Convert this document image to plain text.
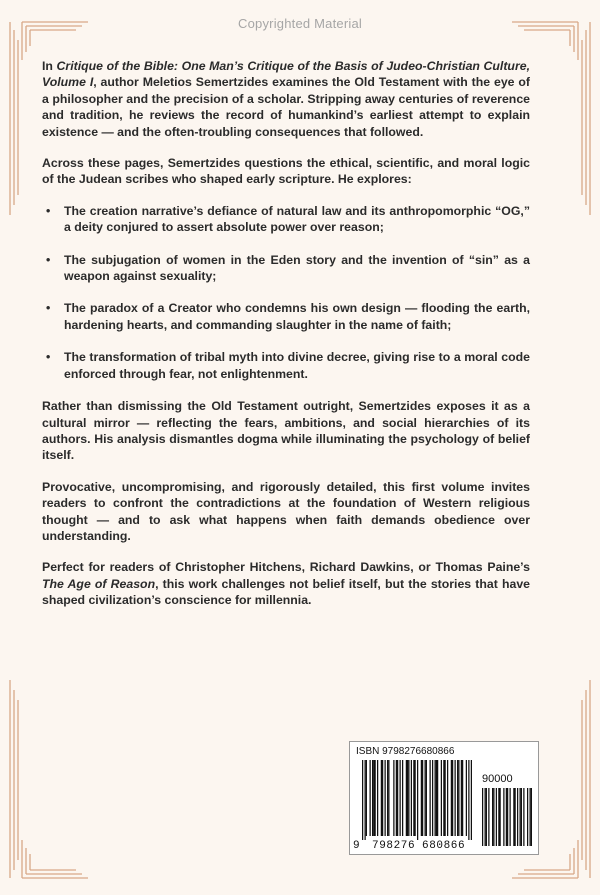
Copyrighted Material

In Critique of the Bible: One Man’s Critique of the Basis of Judeo-Christian Culture, Volume I, author Meletios Semertzides examines the Old Testament with the eye of a philosopher and the precision of a scholar. Stripping away centuries of reverence and tradition, he reviews the record of humankind’s earliest attempt to explain existence — and the often-troubling consequences that followed.

Across these pages, Semertzides questions the ethical, scientific, and moral logic of the Judean scribes who shaped early scripture. He explores:

• The creation narrative’s defiance of natural law and its anthropomorphic “OG,” a deity conjured to assert absolute power over reason;
• The subjugation of women in the Eden story and the invention of “sin” as a weapon against sexuality;
• The paradox of a Creator who condemns his own design — flooding the earth, hardening hearts, and commanding slaughter in the name of faith;
• The transformation of tribal myth into divine decree, giving rise to a moral code enforced through fear, not enlightenment.

Rather than dismissing the Old Testament outright, Semertzides exposes it as a cultural mirror — reflecting the fears, ambitions, and social hierarchies of its authors. His analysis dismantles dogma while illuminating the psychology of belief itself.

Provocative, uncompromising, and rigorously detailed, this first volume invites readers to confront the contradictions at the foundation of Western religious thought — and to ask what happens when faith demands obedience over understanding.

Perfect for readers of Christopher Hitchens, Richard Dawkins, or Thomas Paine’s The Age of Reason, this work challenges not belief itself, but the stories that have shaped civilization’s conscience for millennia.

ISBN 9798276680866
90000
9 798276 680866
